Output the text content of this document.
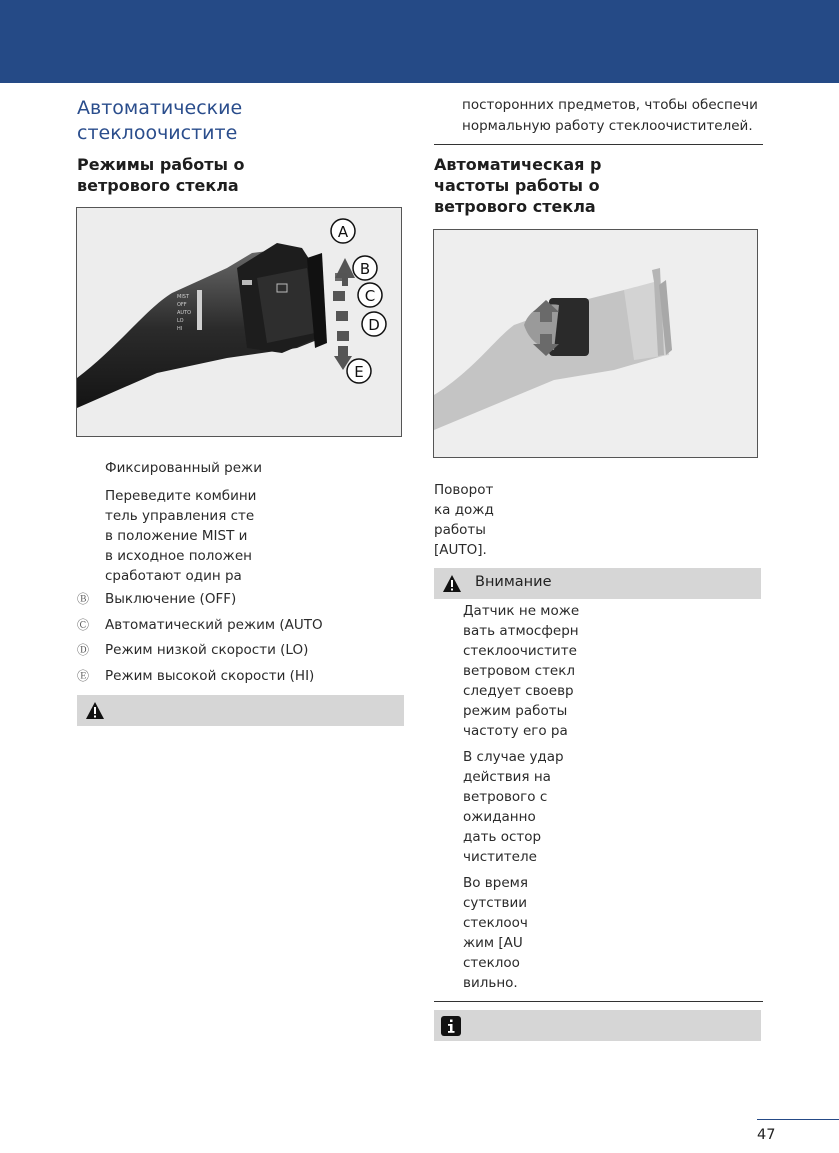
Автоматические
стеклоочистите
Режимы работы о
ветрового стекла
MIST
OFF
AUTO
LO
HI
A
B
C
D
E
Фиксированный режи
Переведите комбини
тель управления сте
в положение MIST и
в исходное положен
сработают один ра
Ⓑ Выключение (OFF)
Ⓒ Автоматический режим (AUTO
Ⓓ Режим низкой скорости (LO)
Ⓔ Режим высокой скорости (HI)
посторонних предметов, чтобы обеспечи
нормальную работу стеклоочистителей.
Автоматическая р
частоты работы о
ветрового стекла
Поворот
ка дожд
работы
[AUTO].
Внимание
Датчик не може
вать атмосферн
стеклоочистите
ветровом стекл
следует своевр
режим работы
частоту его ра
В случае удар
действия на
ветрового с
ожиданно
дать остор
чистителе
Во время
сутствии
стеклооч
жим [AU
стеклоо
вильно.
47
